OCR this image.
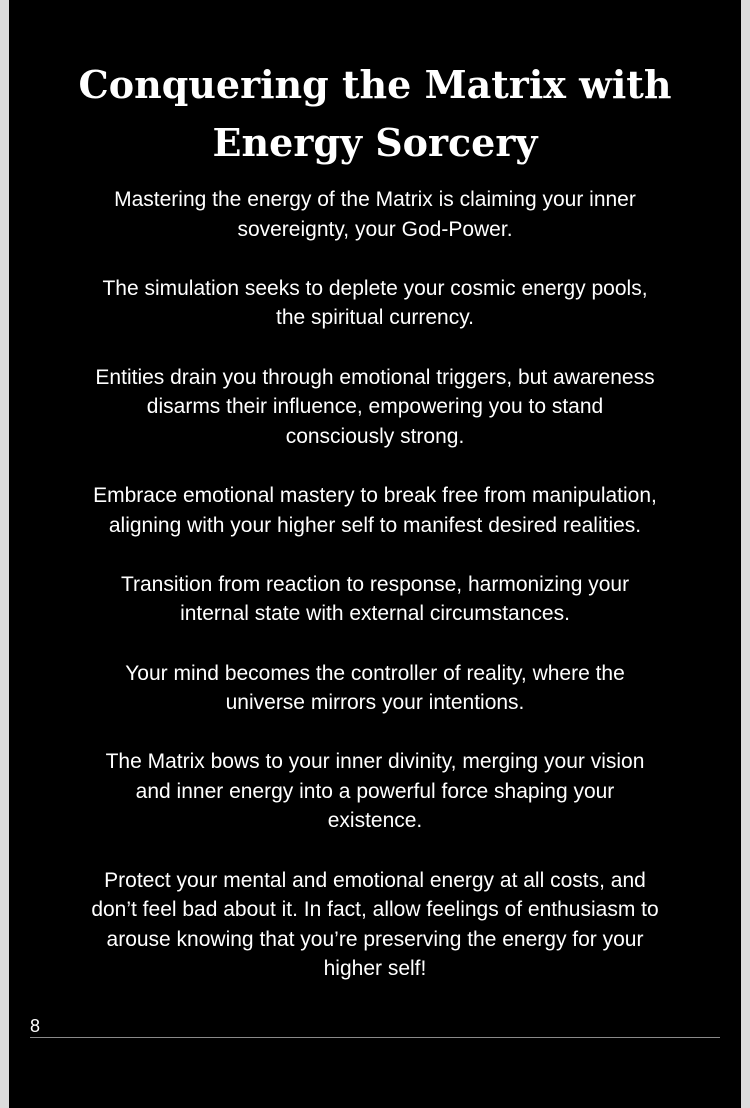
Conquering the Matrix with Energy Sorcery

Mastering the energy of the Matrix is claiming your inner sovereignty, your God-Power.

The simulation seeks to deplete your cosmic energy pools, the spiritual currency.

Entities drain you through emotional triggers, but awareness disarms their influence, empowering you to stand consciously strong.

Embrace emotional mastery to break free from manipulation, aligning with your higher self to manifest desired realities.

Transition from reaction to response, harmonizing your internal state with external circumstances.

Your mind becomes the controller of reality, where the universe mirrors your intentions.

The Matrix bows to your inner divinity, merging your vision and inner energy into a powerful force shaping your existence.

Protect your mental and emotional energy at all costs, and don’t feel bad about it. In fact, allow feelings of enthusiasm to arouse knowing that you’re preserving the energy for your higher self!

8
